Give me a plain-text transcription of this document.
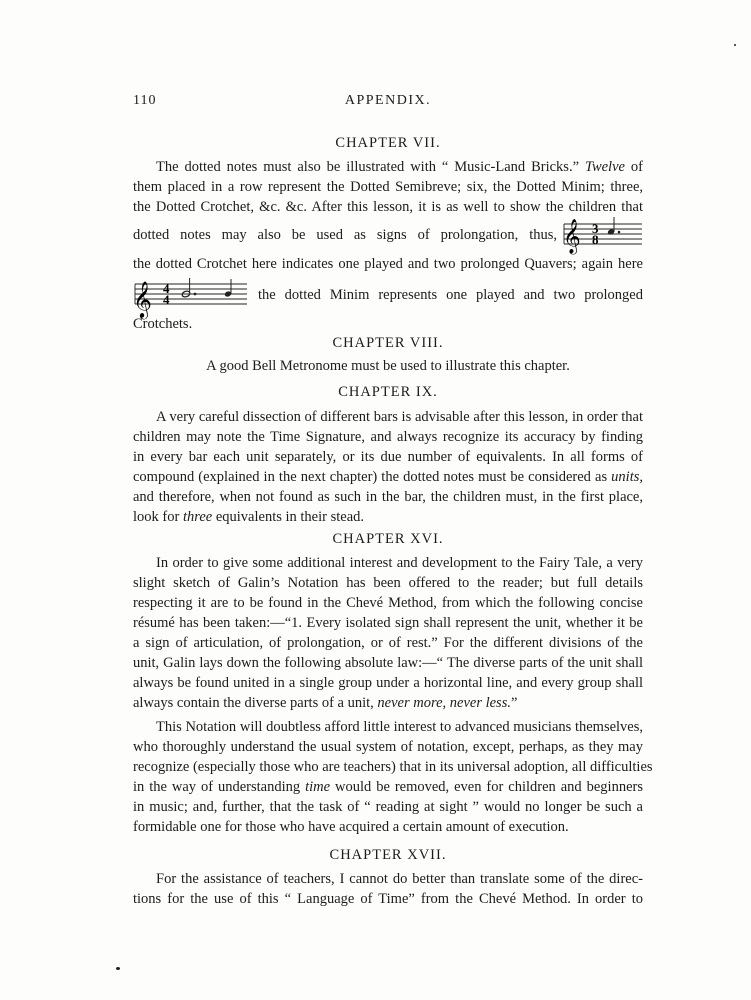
110	APPENDIX.
CHAPTER VII.
The dotted notes must also be illustrated with “ Music-Land Bricks.” Twelve of
them placed in a row represent the Dotted Semibreve; six, the Dotted Minim; three,
the Dotted Crotchet, &c. &c. After this lesson, it is as well to show the children that
dotted notes may also be used as signs of prolongation, thus, 𝄞 3
8
the dotted Crotchet here indicates one played and two prolonged Quavers; again here
𝄞 4
4	the dotted Minim represents one played and two prolonged
Crotchets.
CHAPTER VIII.
A good Bell Metronome must be used to illustrate this chapter.
CHAPTER IX.
A very careful dissection of different bars is advisable after this lesson, in order that
children may note the Time Signature, and always recognize its accuracy by finding
in every bar each unit separately, or its due number of equivalents. In all forms of
compound (explained in the next chapter) the dotted notes must be considered as units,
and therefore, when not found as such in the bar, the children must, in the first place,
look for three equivalents in their stead.
CHAPTER XVI.
In order to give some additional interest and development to the Fairy Tale, a very
slight sketch of Galin’s Notation has been offered to the reader; but full details
respecting it are to be found in the Chevé Method, from which the following concise
résumé has been taken:—“1. Every isolated sign shall represent the unit, whether it be
a sign of articulation, of prolongation, or of rest.” For the different divisions of the
unit, Galin lays down the following absolute law:—“ The diverse parts of the unit shall
always be found united in a single group under a horizontal line, and every group shall
always contain the diverse parts of a unit, never more, never less.”
This Notation will doubtless afford little interest to advanced musicians themselves,
who thoroughly understand the usual system of notation, except, perhaps, as they may
recognize (especially those who are teachers) that in its universal adoption, all difficulties
in the way of understanding time would be removed, even for children and beginners
in music; and, further, that the task of “ reading at sight ” would no longer be such a
formidable one for those who have acquired a certain amount of execution.
CHAPTER XVII.
For the assistance of teachers, I cannot do better than translate some of the direc-
tions for the use of this “ Language of Time” from the Chevé Method. In order to
